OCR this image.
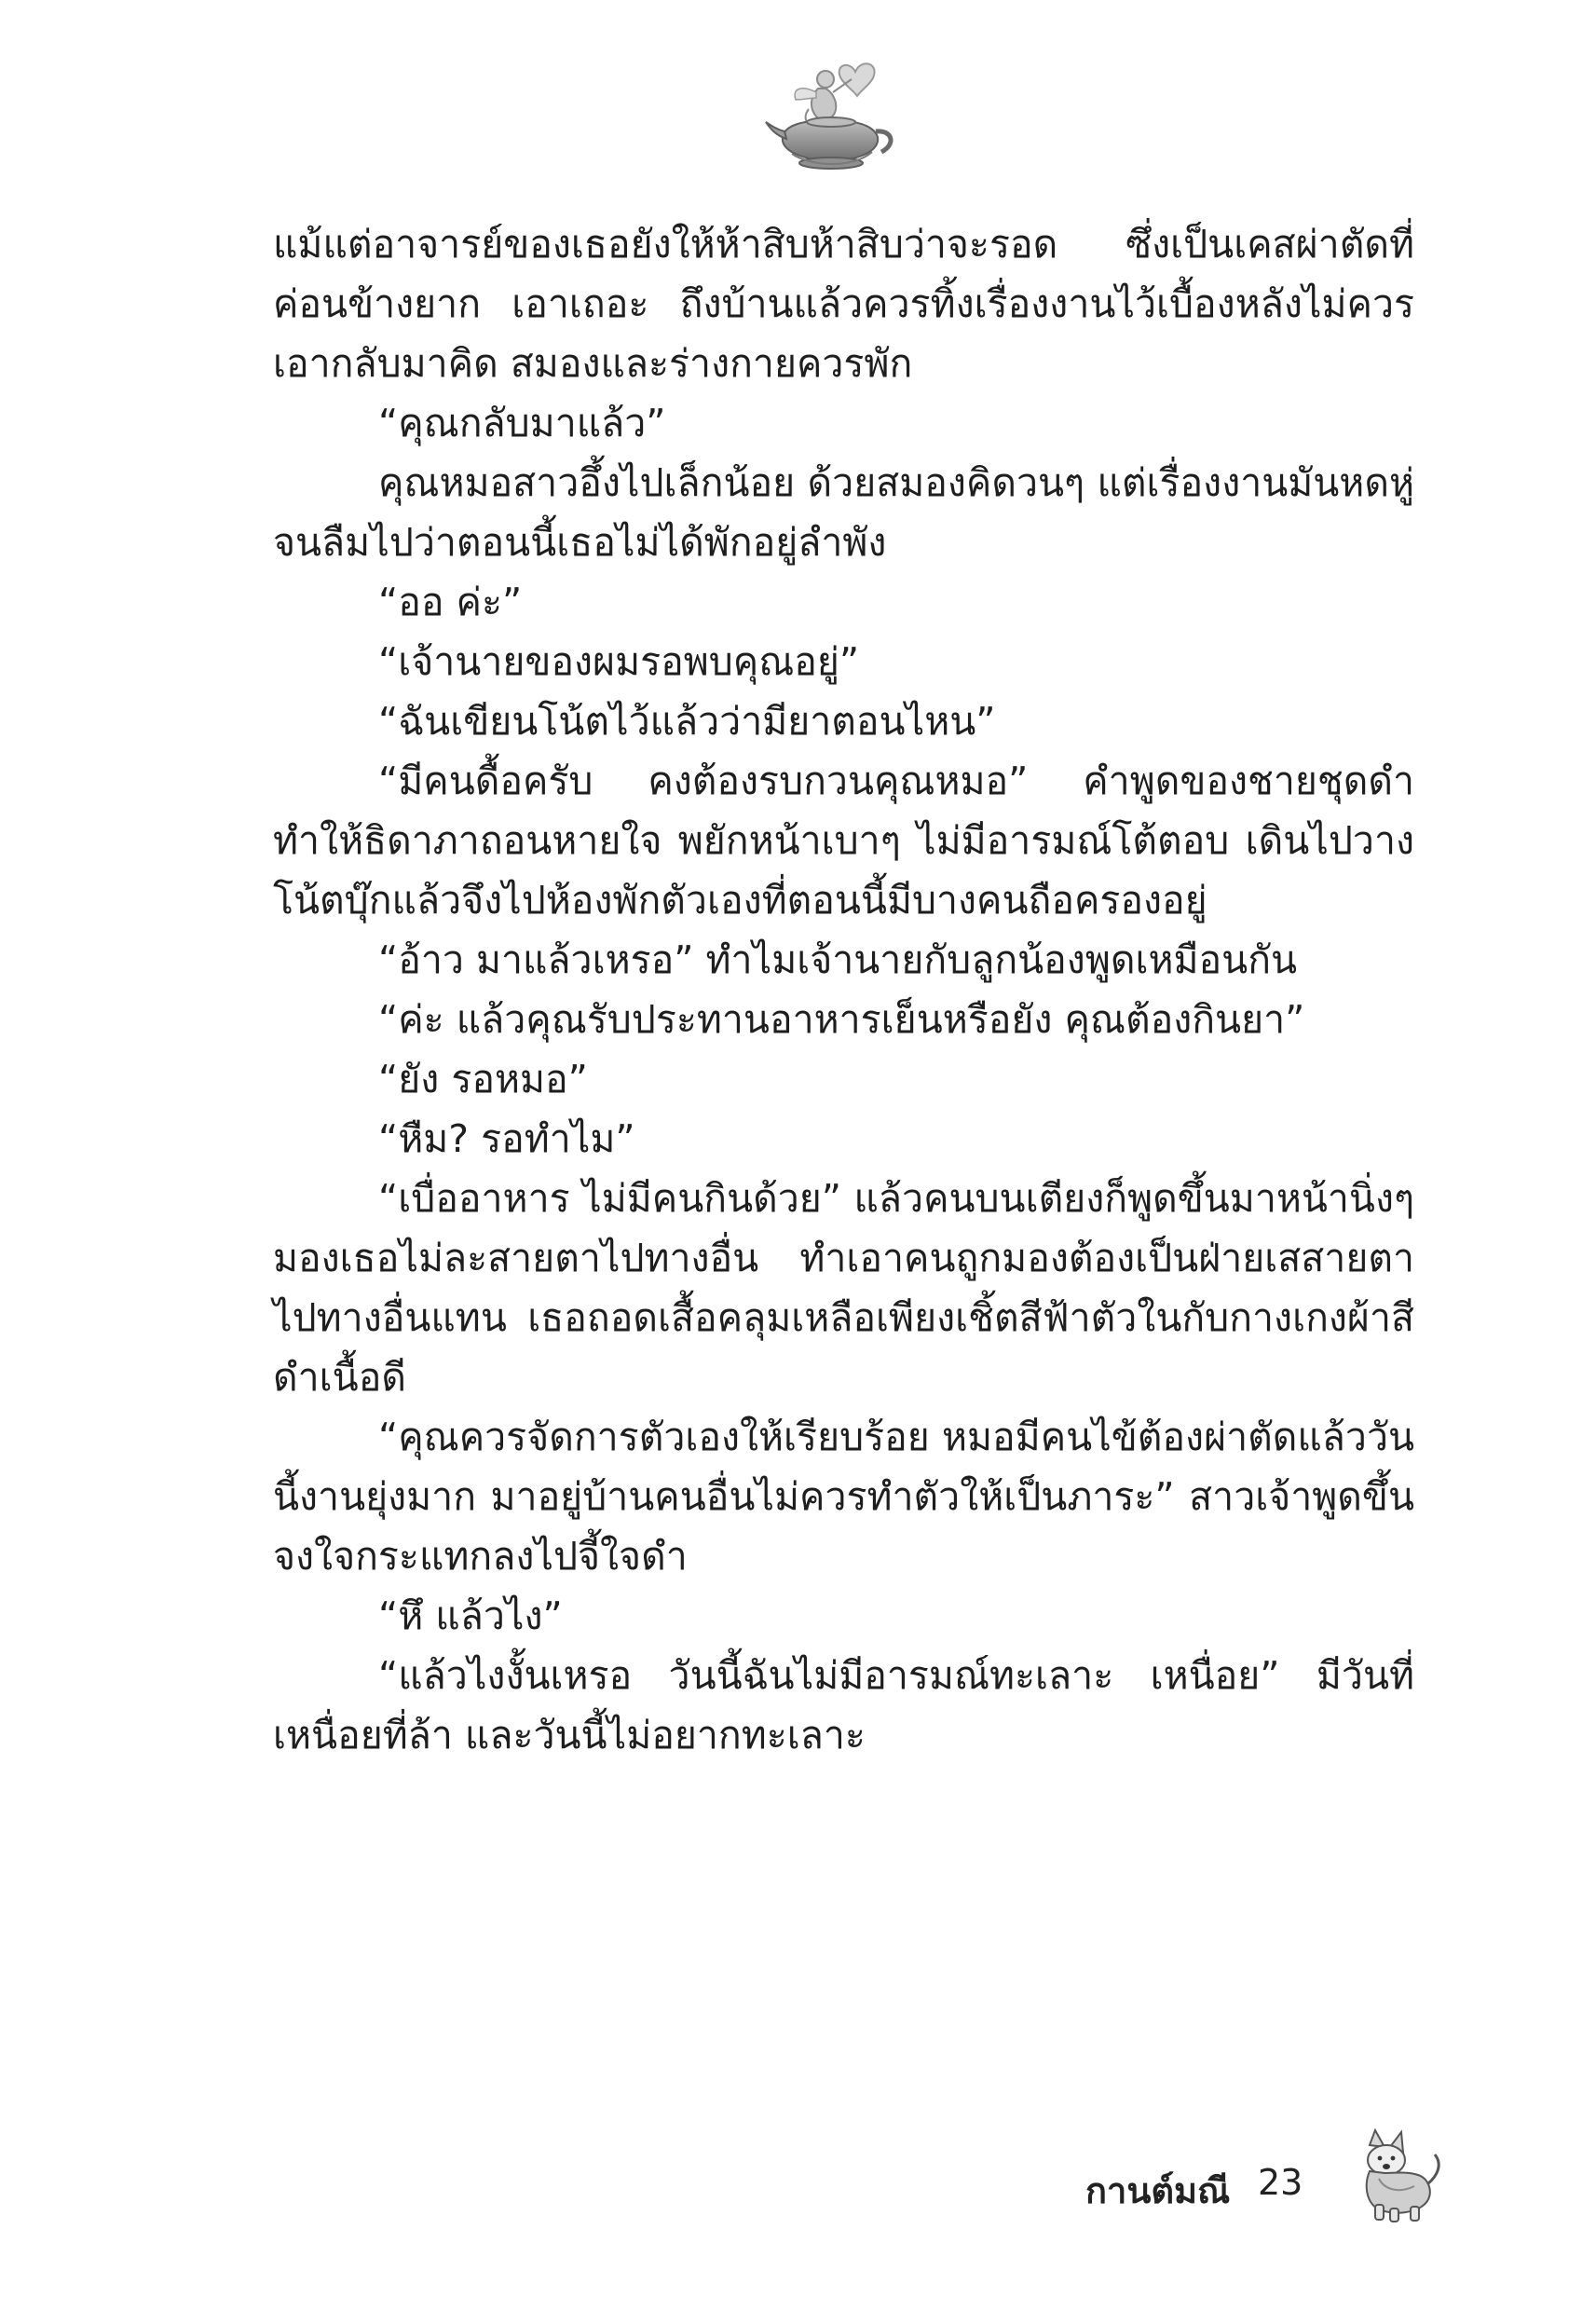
แม้แต่อาจารย์ของเธอยังให้ห้าสิบห้าสิบว่าจะรอด ซึ่งเป็นเคสผ่าตัดที่ค่อนข้างยาก เอาเถอะ ถึงบ้านแล้วควรทิ้งเรื่องงานไว้เบื้องหลังไม่ควรเอากลับมาคิด สมองและร่างกายควรพัก

“คุณกลับมาแล้ว”

คุณหมอสาวอึ้งไปเล็กน้อย ด้วยสมองคิดวนๆ แต่เรื่องงานมันหดหู่จนลืมไปว่าตอนนี้เธอไม่ได้พักอยู่ลำพัง

“ออ ค่ะ”

“เจ้านายของผมรอพบคุณอยู่”

“ฉันเขียนโน้ตไว้แล้วว่ามียาตอนไหน”

“มีคนดื้อครับ คงต้องรบกวนคุณหมอ” คำพูดของชายชุดดำทำให้ธิดาภาถอนหายใจ พยักหน้าเบาๆ ไม่มีอารมณ์โต้ตอบ เดินไปวางโน้ตบุ๊กแล้วจึงไปห้องพักตัวเองที่ตอนนี้มีบางคนถือครองอยู่

“อ้าว มาแล้วเหรอ” ทำไมเจ้านายกับลูกน้องพูดเหมือนกัน

“ค่ะ แล้วคุณรับประทานอาหารเย็นหรือยัง คุณต้องกินยา”

“ยัง รอหมอ”

“หืม? รอทำไม”

“เบื่ออาหาร ไม่มีคนกินด้วย” แล้วคนบนเตียงก็พูดขึ้นมาหน้านิ่งๆ มองเธอไม่ละสายตาไปทางอื่น ทำเอาคนถูกมองต้องเป็นฝ่ายเสสายตาไปทางอื่นแทน เธอถอดเสื้อคลุมเหลือเพียงเชิ้ตสีฟ้าตัวในกับกางเกงผ้าสีดำเนื้อดี

“คุณควรจัดการตัวเองให้เรียบร้อย หมอมีคนไข้ต้องผ่าตัดแล้ววันนี้งานยุ่งมาก มาอยู่บ้านคนอื่นไม่ควรทำตัวให้เป็นภาระ” สาวเจ้าพูดขึ้นจงใจกระแทกลงไปจี้ใจดำ

“หึ แล้วไง”

“แล้วไงงั้นเหรอ วันนี้ฉันไม่มีอารมณ์ทะเลาะ เหนื่อย” มีวันที่เหนื่อยที่ล้า และวันนี้ไม่อยากทะเลาะ

กานต์มณี 23
